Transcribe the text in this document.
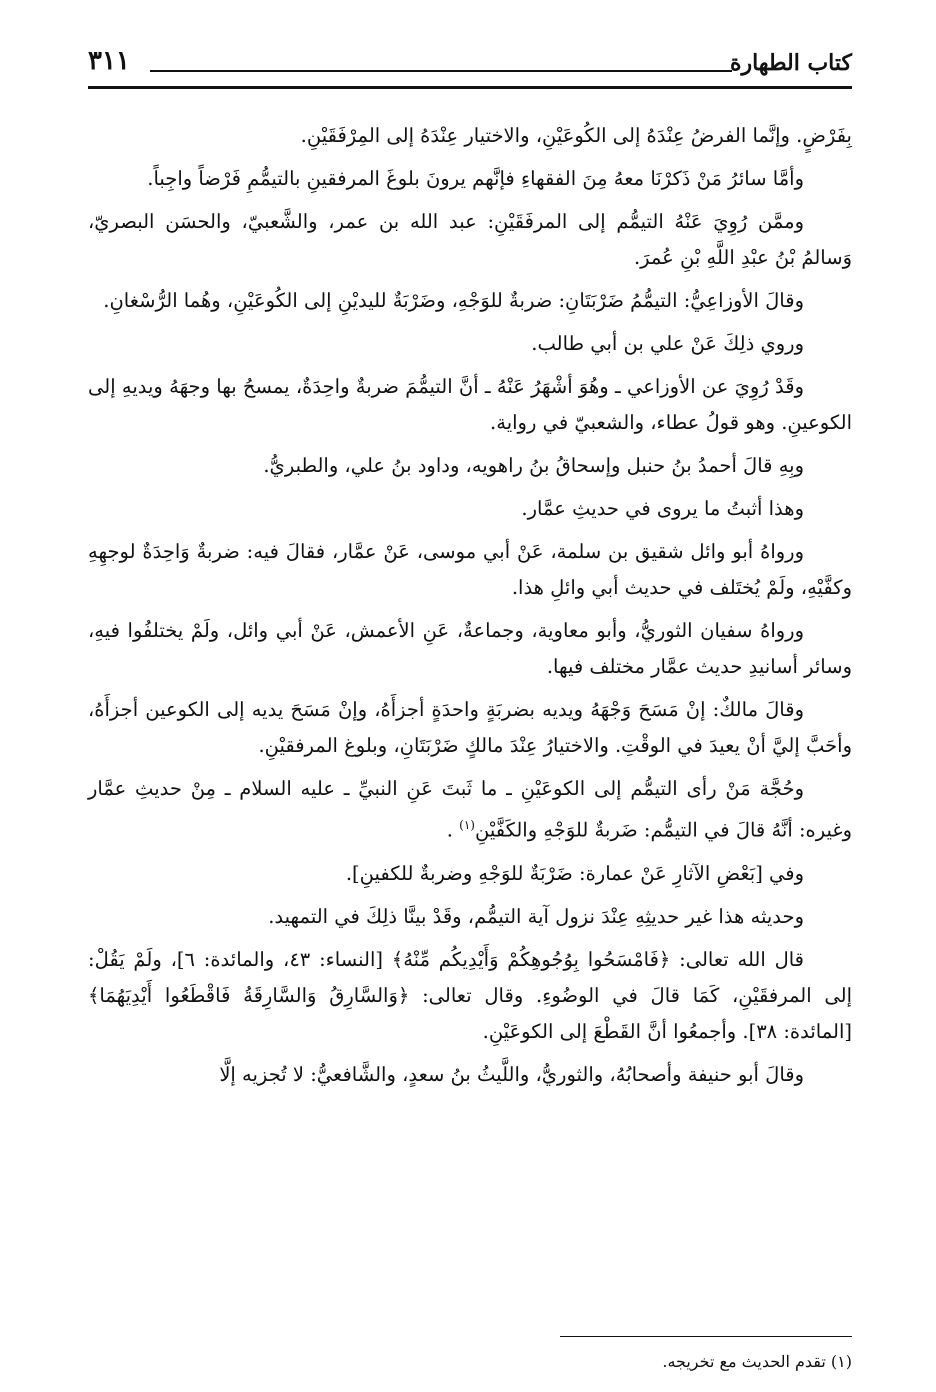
كتاب الطهارة
٣١١

بِفَرْضٍ. وإنَّما الفرضُ عِنْدَهُ إلى الكُوعَيْنِ، والاختيار عِنْدَهُ إلى المِرْفَقَيْنِ.

وأمَّا سائرُ مَنْ ذَكرْنَا معهُ مِنَ الفقهاءِ فإنَّهم يرونَ بلوغَ المرفقينِ بالتيمُّمِ فَرْضاً واجِباً.

وممَّن رُوِيَ عَنْهُ التيمُّم إلى المرفَقَيْنِ: عبد الله بن عمر، والشَّعبيّ، والحسَن البصريّ، وَسالمُ بْنُ عبْدِ اللَّهِ بْنِ عُمرَ.

وقالَ الأوزاعِيُّ: التيمُّمُ ضَرْبَتَانِ: ضربةٌ للوَجْهِ، وضَرْبَةٌ لليديْنِ إلى الكُوعَيْنِ، وهُما الرُّسْغانِ.

وروي ذلِكَ عَنْ علي بن أبي طالب.

وقَدْ رُوِيَ عن الأوزاعي ـ وهُوَ أشْهَرُ عَنْهُ ـ أنَّ التيمُّمَ ضربةٌ واحِدَةٌ، يمسحُ بها وجهَهُ ويديهِ إلى الكوعينِ. وهو قولُ عطاء، والشعبيّ في رواية.

وبِهِ قالَ أحمدُ بنُ حنبل وإسحاقُ بنُ راهويه، وداود بنُ علي، والطبريُّ.

وهذا أثبتُ ما يروى في حديثِ عمَّار.

ورواهُ أبو وائل شقيق بن سلمة، عَنْ أبي موسى، عَنْ عمَّار، فقالَ فيه: ضربةٌ وَاحِدَةٌ لوجهِهِ وكفَّيْهِ، ولَمْ يُختَلف في حديث أبي وائلِ هذا.

ورواهُ سفيان الثوريُّ، وأبو معاوية، وجماعةٌ، عَنِ الأعمش، عَنْ أبي وائل، ولَمْ يختلفُوا فيهِ، وسائر أسانيدِ حديث عمَّار مختلف فيها.

وقالَ مالكٌ: إنْ مَسَحَ وَجْهَهُ ويديه بضربَةٍ واحدَةٍ أجزأَهُ، وإنْ مَسَحَ يديه إلى الكوعين أجزأَهُ، وأحَبَّ إليَّ أنْ يعيدَ في الوقْتِ. والاختيارُ عِنْدَ مالكٍ ضَرْبَتَانِ، وبلوغ المرفقيْنِ.

وحُجَّة مَنْ رأى التيمُّم إلى الكوعَيْنِ ـ ما ثَبتَ عَنِ النبيِّ ـ عليه السلام ـ مِنْ حديثِ عمَّار وغيره: أنَّهُ قالَ في التيمُّم: ضَربةٌ للوَجْهِ والكَفَّيْنِ$^{(١)}$ .

وفي [بَعْضِ الآثارِ عَنْ عمارة: ضَرْبَةٌ للوَجْهِ وضربةٌ للكفينِ].

وحديثه هذا غير حديثِهِ عِنْدَ نزول آية التيمُّم، وقَدْ بينَّا ذلِكَ في التمهيد.

قال الله تعالى: ﴿فَامْسَحُوا بِوُجُوهِكُمْ وَأَيْدِيكُم مِّنْهُ﴾ [النساء: ٤٣، والمائدة: ٦]، ولَمْ يَقُلْ: إلى المرفقَيْنِ، كَمَا قالَ في الوضُوءِ. وقال تعالى: ﴿وَالسَّارِقُ وَالسَّارِقَةُ فَاقْطَعُوا أَيْدِيَهُمَا﴾ [المائدة: ٣٨]. وأجمعُوا أنَّ القَطْعَ إلى الكوعَيْنِ.

وقالَ أبو حنيفة وأصحابُهُ، والثوريُّ، واللَّيثُ بنُ سعدٍ، والشَّافعيُّ: لا تُجزيه إلَّا

(١) تقدم الحديث مع تخريجه.
